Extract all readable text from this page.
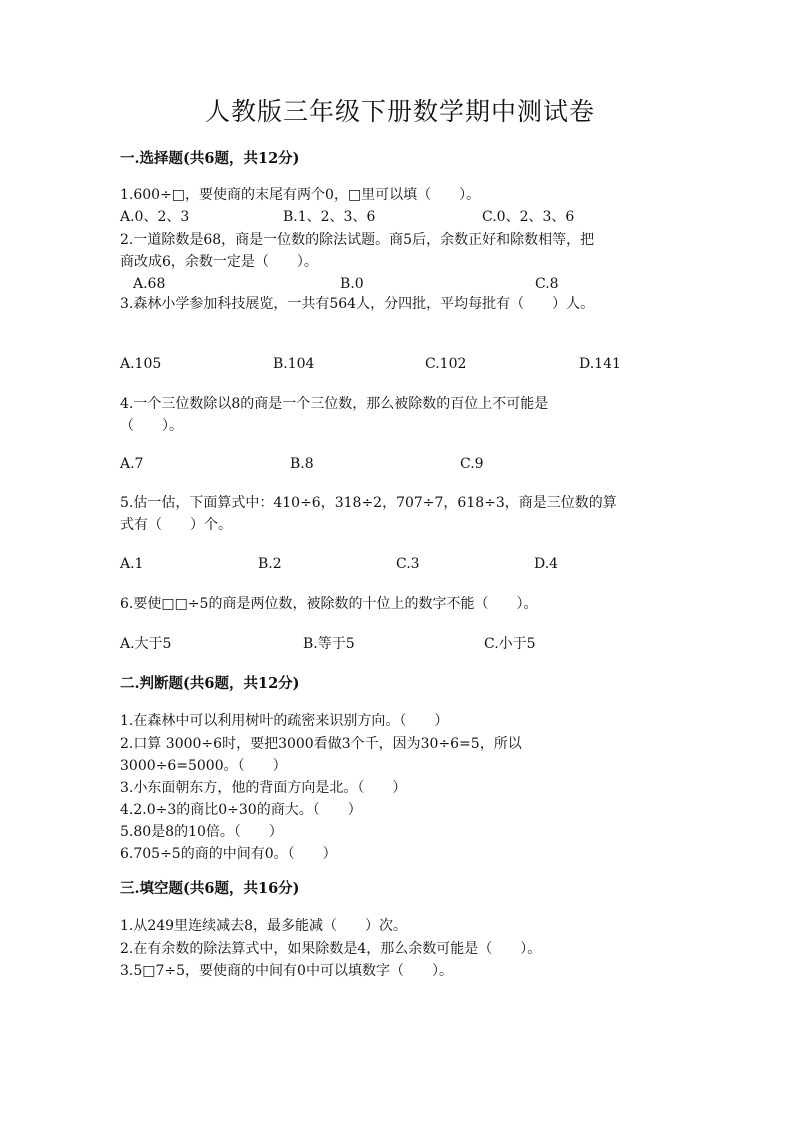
人教版三年级下册数学期中测试卷
一.选择题(共6题，共12分)
1.600÷□，要使商的末尾有两个0，□里可以填（　　）。
A.0、2、3	B.1、2、3、6	C.0、2、3、6
2.一道除数是68，商是一位数的除法试题。商5后，余数正好和除数相等，把
商改成6，余数一定是（　　）。
A.68	B.0	C.8
3.森林小学参加科技展览，一共有564人，分四批，平均每批有（　　）人。
A.105	B.104	C.102	D.141
4.一个三位数除以8的商是一个三位数，那么被除数的百位上不可能是
（　　）。
A.7	B.8	C.9
5.估一估，下面算式中：410÷6，318÷2，707÷7，618÷3，商是三位数的算
式有（　　）个。
A.1	B.2	C.3	D.4
6.要使□□÷5的商是两位数，被除数的十位上的数字不能（　　）。
A.大于5	B.等于5	C.小于5
二.判断题(共6题，共12分)
1.在森林中可以利用树叶的疏密来识别方向。（　　）
2.口算 3000÷6时，要把3000看做3个千，因为30÷6=5，所以
3000÷6=5000。（　　）
3.小东面朝东方，他的背面方向是北。（　　）
4.2.0÷3的商比0÷30的商大。（　　）
5.80是8的10倍。（　　）
6.705÷5的商的中间有0。（　　）
三.填空题(共6题，共16分)
1.从249里连续减去8，最多能减（　　）次。
2.在有余数的除法算式中，如果除数是4，那么余数可能是（　　）。
3.5□7÷5，要使商的中间有0中可以填数字（　　）。
